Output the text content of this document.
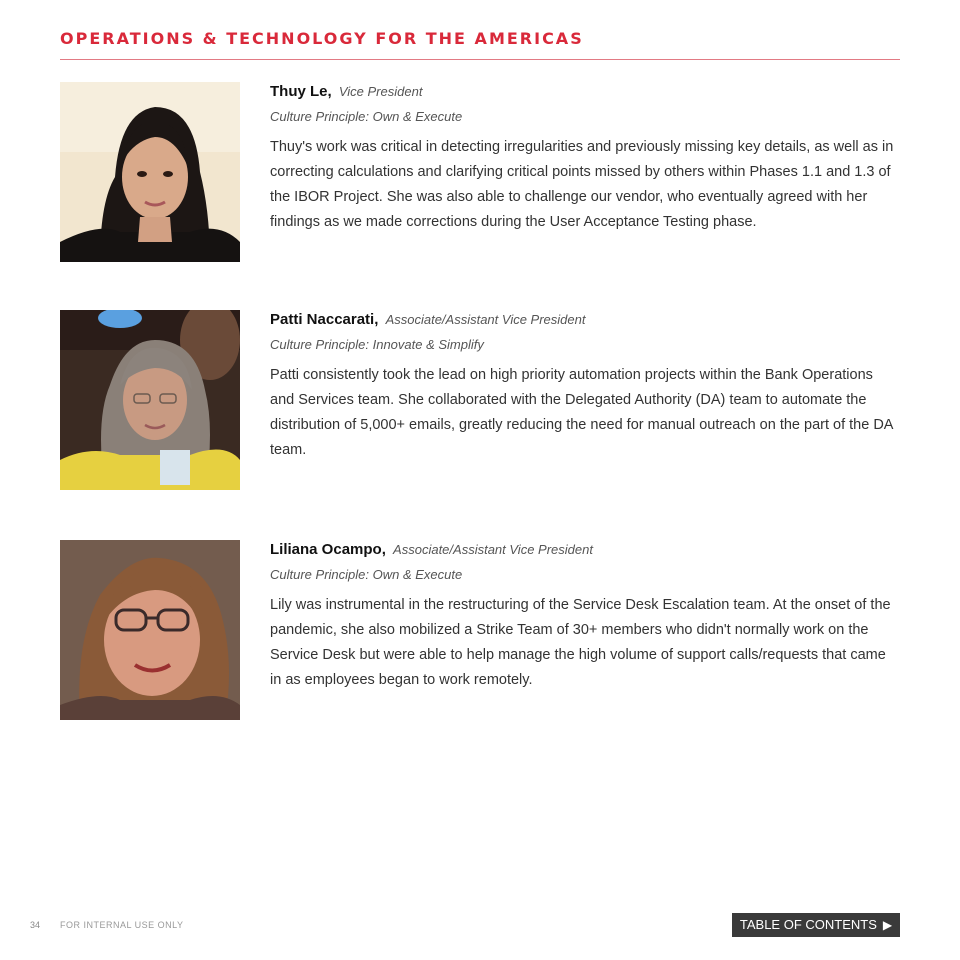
OPERATIONS & TECHNOLOGY FOR THE AMERICAS
Thuy Le, Vice President
Culture Principle: Own & Execute
Thuy's work was critical in detecting irregularities and previously missing key details, as well as in correcting calculations and clarifying critical points missed by others within Phases 1.1 and 1.3 of the IBOR Project. She was also able to challenge our vendor, who eventually agreed with her findings as we made corrections during the User Acceptance Testing phase.
Patti Naccarati, Associate/Assistant Vice President
Culture Principle: Innovate & Simplify
Patti consistently took the lead on high priority automation projects within the Bank Operations and Services team. She collaborated with the Delegated Authority (DA) team to automate the distribution of 5,000+ emails, greatly reducing the need for manual outreach on the part of the DA team.
Liliana Ocampo, Associate/Assistant Vice President
Culture Principle: Own & Execute
Lily was instrumental in the restructuring of the Service Desk Escalation team. At the onset of the pandemic, she also mobilized a Strike Team of 30+ members who didn't normally work on the Service Desk but were able to help manage the high volume of support calls/requests that came in as employees began to work remotely.
34 FOR INTERNAL USE ONLY	TABLE OF CONTENTS ▶
